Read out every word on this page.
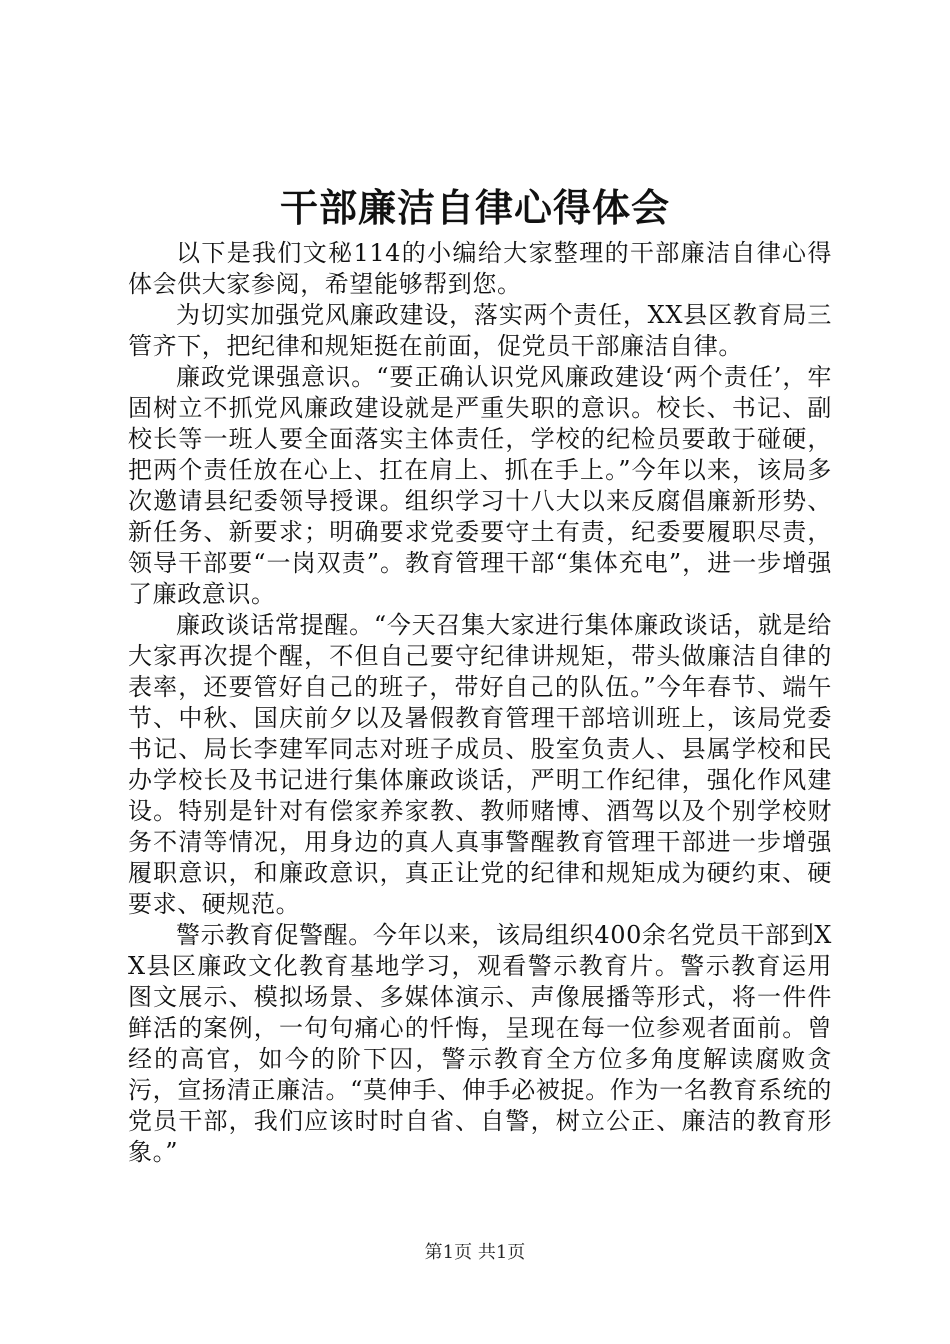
干部廉洁自律心得体会

以下是我们文秘114的小编给大家整理的干部廉洁自律心得体会供大家参阅，希望能够帮到您。

为切实加强党风廉政建设，落实两个责任，XX县区教育局三管齐下，把纪律和规矩挺在前面，促党员干部廉洁自律。

廉政党课强意识。“要正确认识党风廉政建设‘两个责任’，牢固树立不抓党风廉政建设就是严重失职的意识。校长、书记、副校长等一班人要全面落实主体责任，学校的纪检员要敢于碰硬，把两个责任放在心上、扛在肩上、抓在手上。”今年以来，该局多次邀请县纪委领导授课。组织学习十八大以来反腐倡廉新形势、新任务、新要求；明确要求党委要守土有责，纪委要履职尽责，领导干部要“一岗双责”。教育管理干部“集体充电”，进一步增强了廉政意识。

廉政谈话常提醒。“今天召集大家进行集体廉政谈话，就是给大家再次提个醒，不但自己要守纪律讲规矩，带头做廉洁自律的表率，还要管好自己的班子，带好自己的队伍。”今年春节、端午节、中秋、国庆前夕以及暑假教育管理干部培训班上，该局党委书记、局长李建军同志对班子成员、股室负责人、县属学校和民办学校长及书记进行集体廉政谈话，严明工作纪律，强化作风建设。特别是针对有偿家养家教、教师赌博、酒驾以及个别学校财务不清等情况，用身边的真人真事警醒教育管理干部进一步增强履职意识，和廉政意识，真正让党的纪律和规矩成为硬约束、硬要求、硬规范。

警示教育促警醒。今年以来，该局组织400余名党员干部到XX县区廉政文化教育基地学习，观看警示教育片。警示教育运用图文展示、模拟场景、多媒体演示、声像展播等形式，将一件件鲜活的案例，一句句痛心的忏悔，呈现在每一位参观者面前。曾经的高官，如今的阶下囚，警示教育全方位多角度解读腐败贪污，宣扬清正廉洁。“莫伸手、伸手必被捉。作为一名教育系统的党员干部，我们应该时时自省、自警，树立公正、廉洁的教育形象。”

第1页 共1页
